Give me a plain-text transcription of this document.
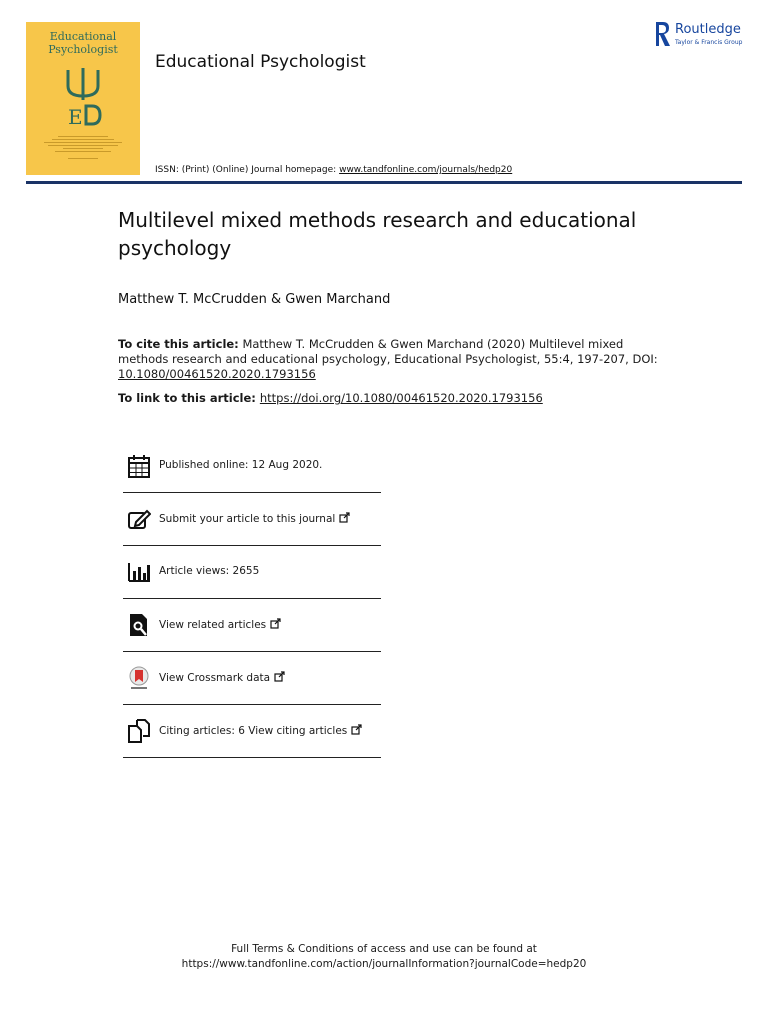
Educational
Psychologist
E
Educational Psychologist
Routledge
Taylor & Francis Group
ISSN: (Print) (Online) Journal homepage: www.tandfonline.com/journals/hedp20
Multilevel mixed methods research and educational psychology
Matthew T. McCrudden & Gwen Marchand
To cite this article: Matthew T. McCrudden & Gwen Marchand (2020) Multilevel mixed methods research and educational psychology, Educational Psychologist, 55:4, 197-207, DOI: 10.1080/00461520.2020.1793156
To link to this article: https://doi.org/10.1080/00461520.2020.1793156
Published online: 12 Aug 2020.
Submit your article to this journal
Article views: 2655
View related articles
View Crossmark data
Citing articles: 6 View citing articles
Full Terms & Conditions of access and use can be found at
https://www.tandfonline.com/action/journalInformation?journalCode=hedp20
